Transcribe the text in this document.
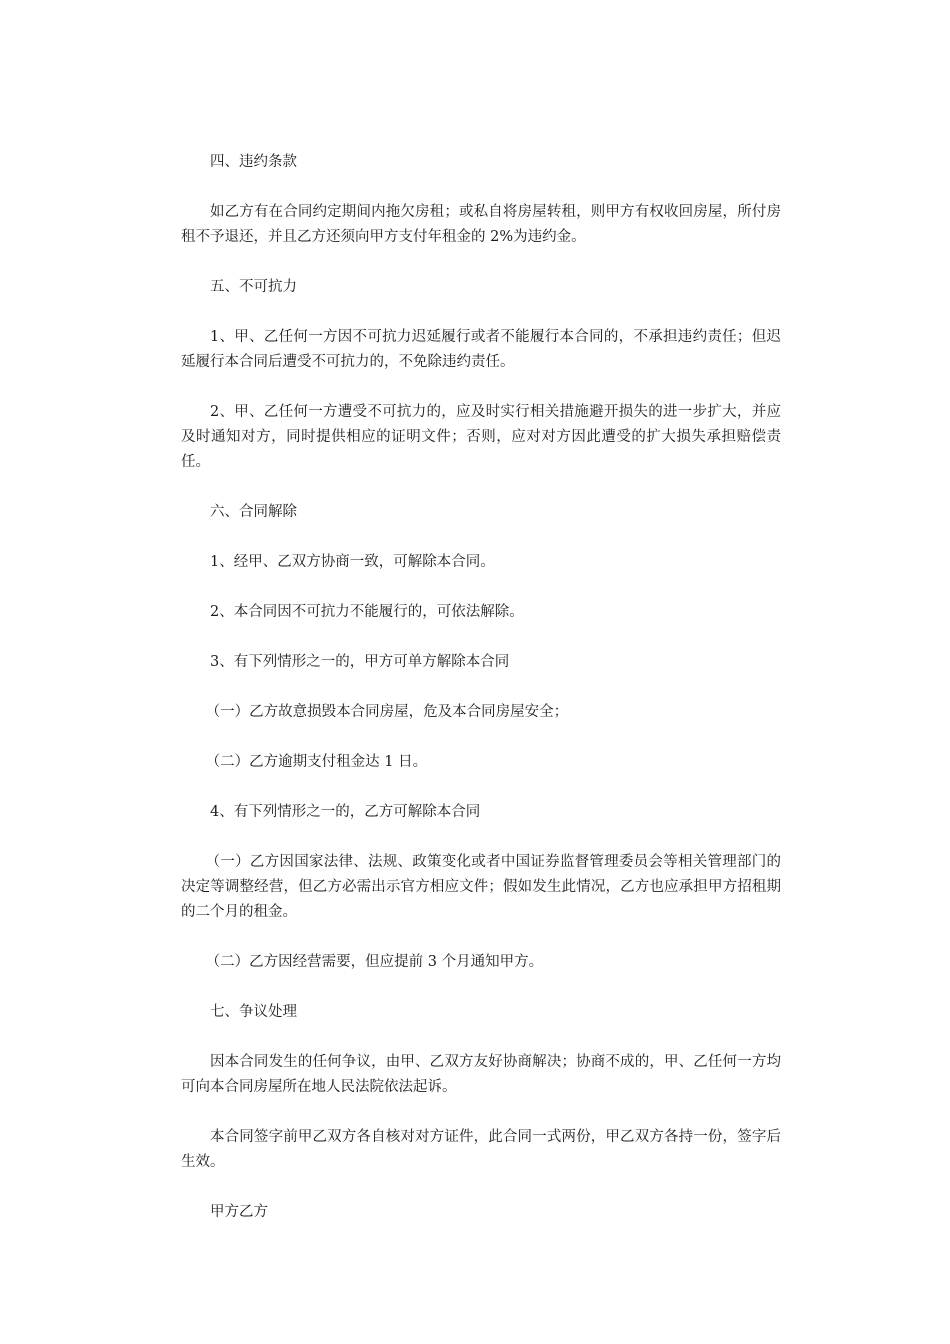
四、违约条款

如乙方有在合同约定期间内拖欠房租；或私自将房屋转租，则甲方有权收回房屋，所付房租不予退还，并且乙方还须向甲方支付年租金的 2%为违约金。

五、不可抗力

1、甲、乙任何一方因不可抗力迟延履行或者不能履行本合同的，不承担违约责任；但迟延履行本合同后遭受不可抗力的，不免除违约责任。

2、甲、乙任何一方遭受不可抗力的，应及时实行相关措施避开损失的进一步扩大，并应及时通知对方，同时提供相应的证明文件；否则，应对对方因此遭受的扩大损失承担赔偿责任。

六、合同解除

1、经甲、乙双方协商一致，可解除本合同。

2、本合同因不可抗力不能履行的，可依法解除。

3、有下列情形之一的，甲方可单方解除本合同

（一）乙方故意损毁本合同房屋，危及本合同房屋安全；

（二）乙方逾期支付租金达 1 日。

4、有下列情形之一的，乙方可解除本合同

（一）乙方因国家法律、法规、政策变化或者中国证券监督管理委员会等相关管理部门的决定等调整经营，但乙方必需出示官方相应文件；假如发生此情况，乙方也应承担甲方招租期的二个月的租金。

（二）乙方因经营需要，但应提前 3 个月通知甲方。

七、争议处理

因本合同发生的任何争议，由甲、乙双方友好协商解决；协商不成的，甲、乙任何一方均可向本合同房屋所在地人民法院依法起诉。

本合同签字前甲乙双方各自核对对方证件，此合同一式两份，甲乙双方各持一份，签字后生效。

甲方乙方
